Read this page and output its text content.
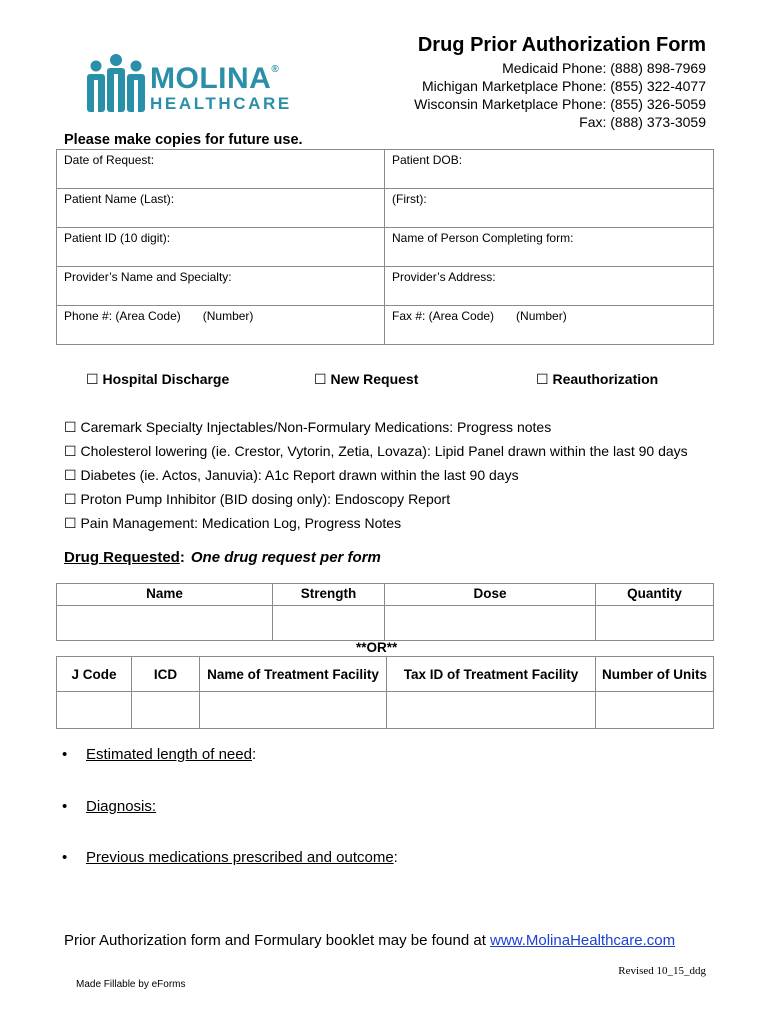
MOLINA®
HEALTHCARE
Drug Prior Authorization Form
Medicaid Phone: (888) 898-7969
Michigan Marketplace Phone: (855) 322-4077
Wisconsin Marketplace Phone: (855) 326-5059
Fax: (888) 373-3059
Please make copies for future use.
Date of Request:	Patient DOB:
Patient Name (Last):	(First):
Patient ID (10 digit):	Name of Person Completing form:
Provider’s Name and Specialty:	Provider’s Address:
Phone #: (Area Code) (Number)	Fax #: (Area Code) (Number)
☐ Hospital Discharge	☐ New Request	☐ Reauthorization
☐ Caremark Specialty Injectables/Non-Formulary Medications: Progress notes
☐ Cholesterol lowering (ie. Crestor, Vytorin, Zetia, Lovaza): Lipid Panel drawn within the last 90 days
☐ Diabetes (ie. Actos, Januvia): A1c Report drawn within the last 90 days
☐ Proton Pump Inhibitor (BID dosing only): Endoscopy Report
☐ Pain Management: Medication Log, Progress Notes
Drug Requested: One drug request per form
Name	Strength	Dose	Quantity

**OR**
J Code	ICD	Name of Treatment Facility	Tax ID of Treatment Facility	Number of Units

• Estimated length of need:
• Diagnosis:
• Previous medications prescribed and outcome:
Prior Authorization form and Formulary booklet may be found at www.MolinaHealthcare.com
Revised 10_15_ddg
Made Fillable by eForms
